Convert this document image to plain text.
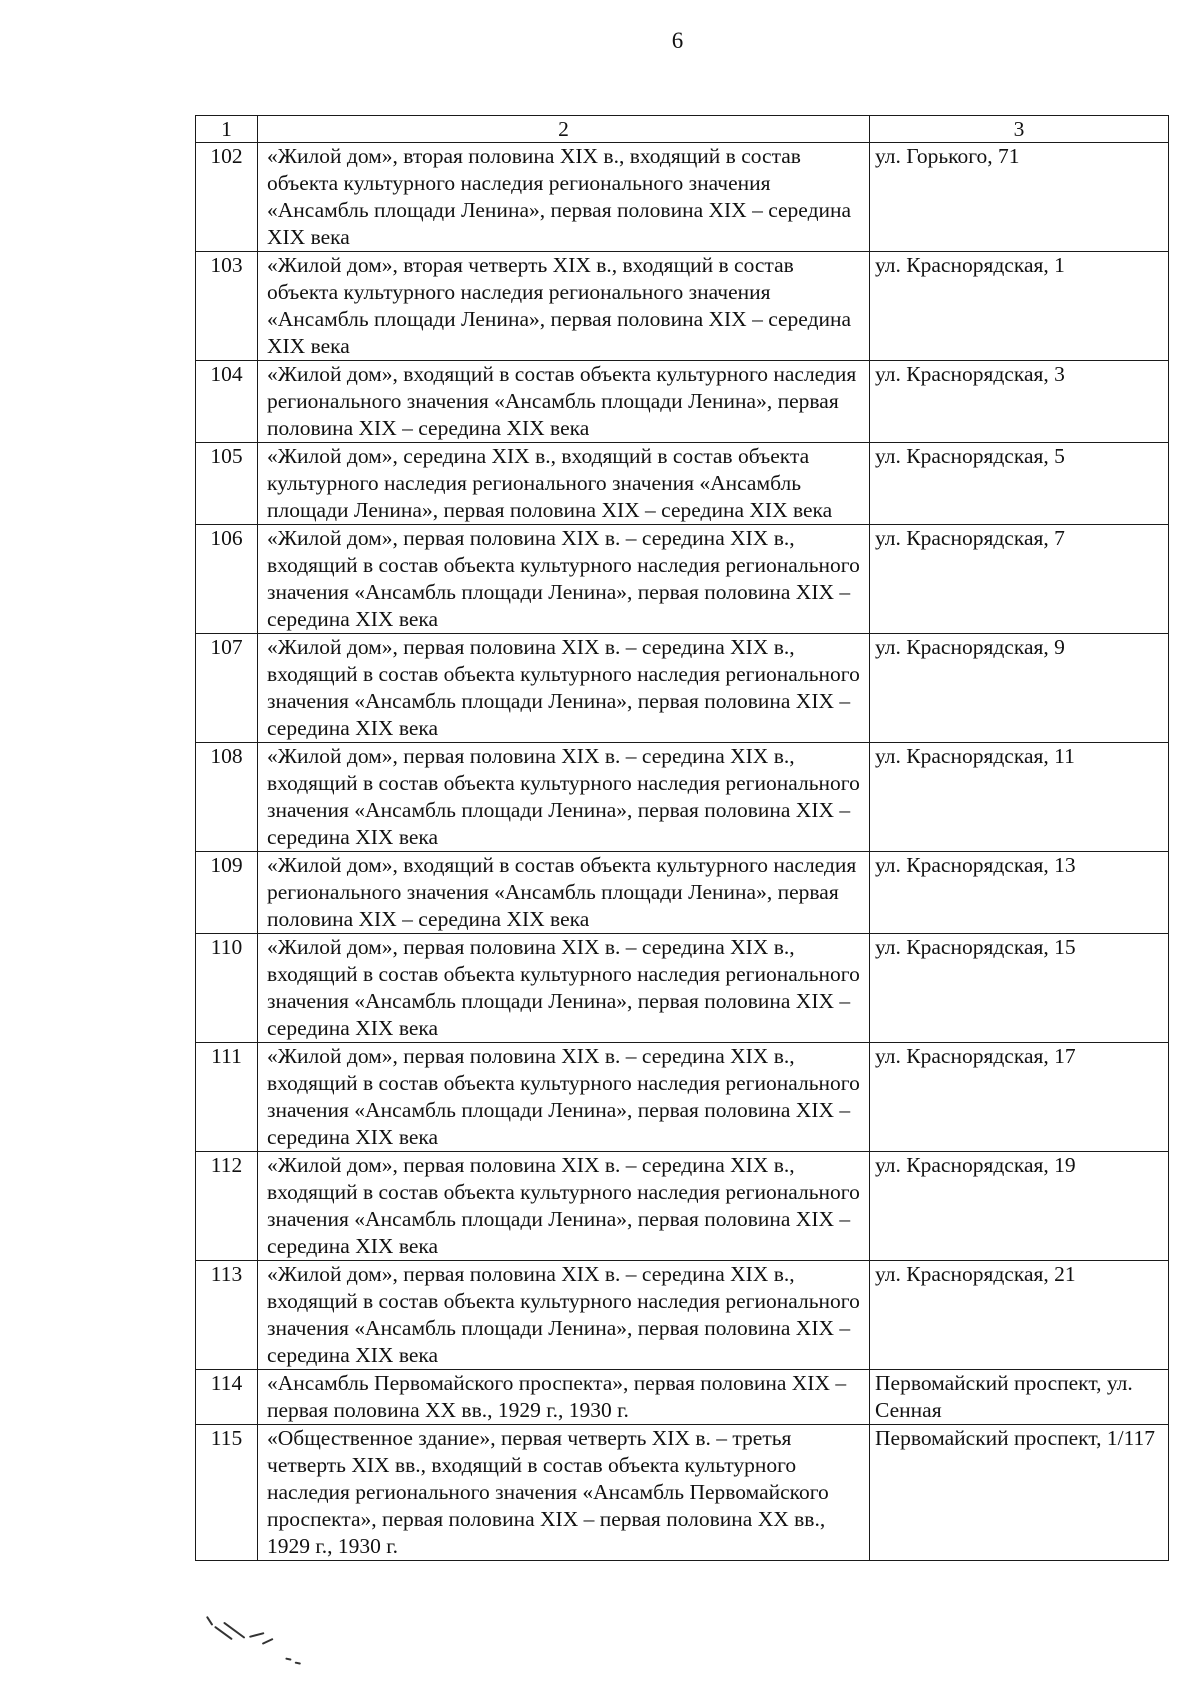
6
1	2	3
102	«Жилой дом», вторая половина XIX в., входящий в состав объекта культурного наследия регионального значения «Ансамбль площади Ленина», первая половина XIX – середина XIX века	ул. Горького, 71
103	«Жилой дом», вторая четверть XIX в., входящий в состав объекта культурного наследия регионального значения «Ансамбль площади Ленина», первая половина XIX – середина XIX века	ул. Краснорядская, 1
104	«Жилой дом», входящий в состав объекта культурного наследия регионального значения «Ансамбль площади Ленина», первая половина XIX – середина XIX века	ул. Краснорядская, 3
105	«Жилой дом», середина XIX в., входящий в состав объекта культурного наследия регионального значения «Ансамбль площади Ленина», первая половина XIX – середина XIX века	ул. Краснорядская, 5
106	«Жилой дом», первая половина XIX в. – середина XIX в., входящий в состав объекта культурного наследия регионального значения «Ансамбль площади Ленина», первая половина XIX – середина XIX века	ул. Краснорядская, 7
107	«Жилой дом», первая половина XIX в. – середина XIX в., входящий в состав объекта культурного наследия регионального значения «Ансамбль площади Ленина», первая половина XIX – середина XIX века	ул. Краснорядская, 9
108	«Жилой дом», первая половина XIX в. – середина XIX в., входящий в состав объекта культурного наследия регионального значения «Ансамбль площади Ленина», первая половина XIX – середина XIX века	ул. Краснорядская, 11
109	«Жилой дом», входящий в состав объекта культурного наследия регионального значения «Ансамбль площади Ленина», первая половина XIX – середина XIX века	ул. Краснорядская, 13
110	«Жилой дом», первая половина XIX в. – середина XIX в., входящий в состав объекта культурного наследия регионального значения «Ансамбль площади Ленина», первая половина XIX – середина XIX века	ул. Краснорядская, 15
111	«Жилой дом», первая половина XIX в. – середина XIX в., входящий в состав объекта культурного наследия регионального значения «Ансамбль площади Ленина», первая половина XIX – середина XIX века	ул. Краснорядская, 17
112	«Жилой дом», первая половина XIX в. – середина XIX в., входящий в состав объекта культурного наследия регионального значения «Ансамбль площади Ленина», первая половина XIX – середина XIX века	ул. Краснорядская, 19
113	«Жилой дом», первая половина XIX в. – середина XIX в., входящий в состав объекта культурного наследия регионального значения «Ансамбль площади Ленина», первая половина XIX – середина XIX века	ул. Краснорядская, 21
114	«Ансамбль Первомайского проспекта», первая половина XIX – первая половина XX вв., 1929 г., 1930 г.	Первомайский проспект, ул. Сенная
115	«Общественное здание», первая четверть XIX в. – третья четверть XIX вв., входящий в состав объекта культурного наследия регионального значения «Ансамбль Первомайского проспекта», первая половина XIX – первая половина XX вв., 1929 г., 1930 г.	Первомайский проспект, 1/117
